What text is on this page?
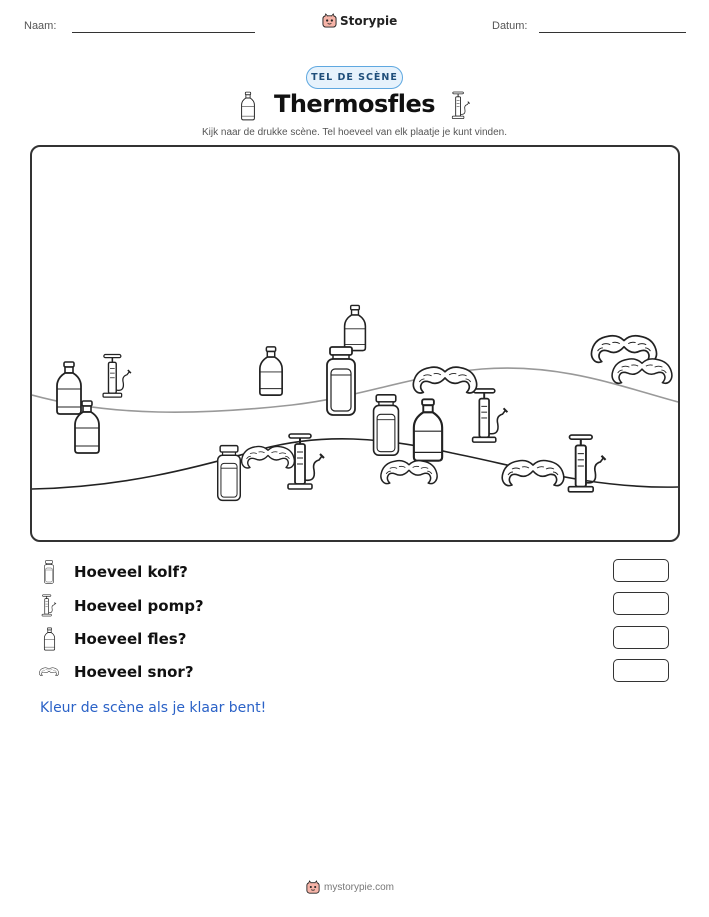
Naam:	Storypie	Datum:
TEL DE SCÈNE
Thermosfles
Kijk naar de drukke scène. Tel hoeveel van elk plaatje je kunt vinden.
Hoeveel kolf?
Hoeveel pomp?
Hoeveel fles?
Hoeveel snor?
Kleur de scène als je klaar bent!
mystorypie.com
